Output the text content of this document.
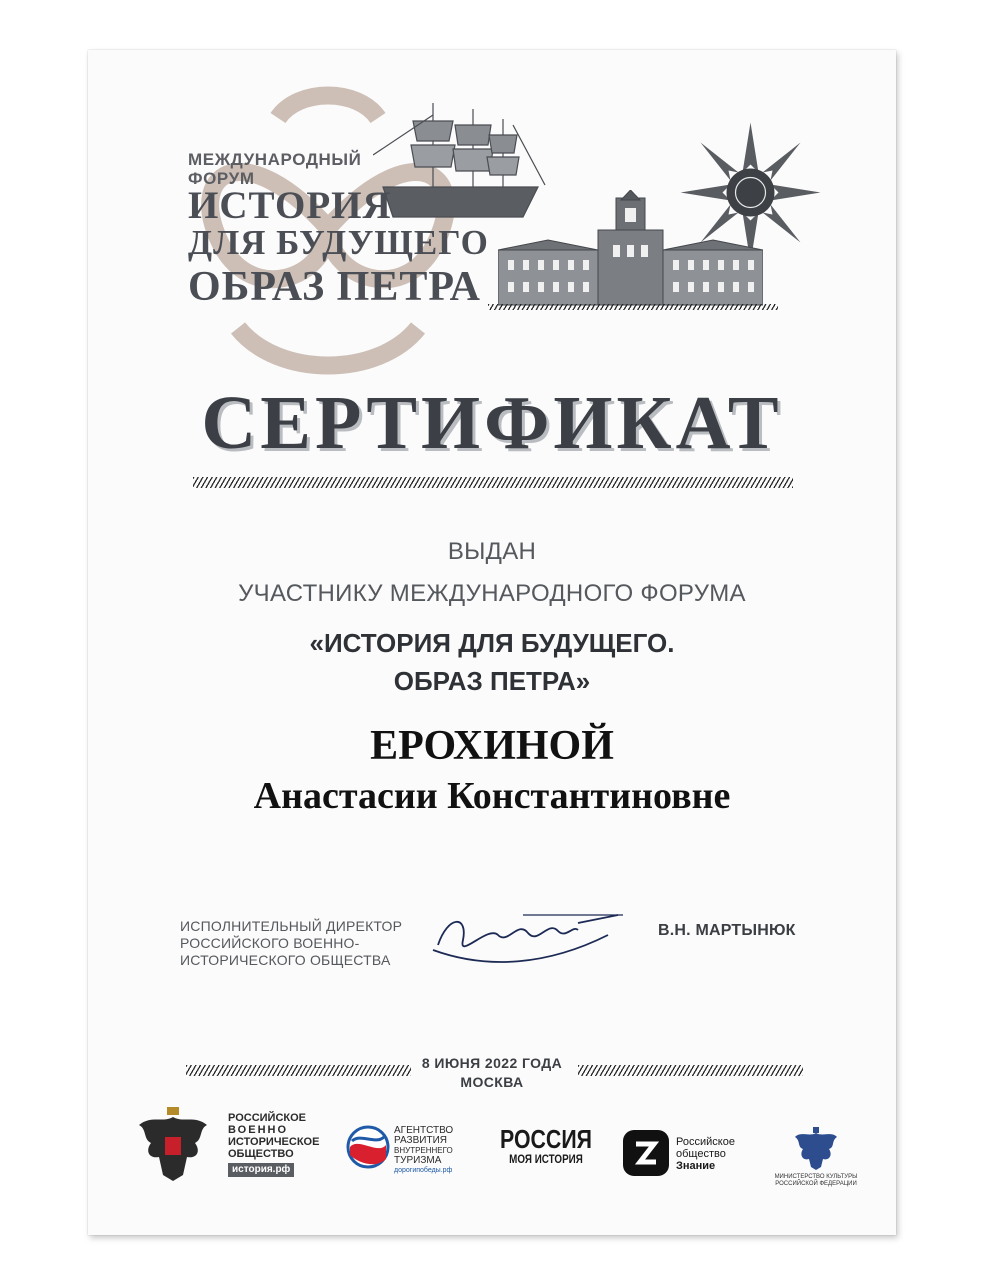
МЕЖДУНАРОДНЫЙ
ФОРУМ
ИСТОРИЯ
ДЛЯ БУДУЩЕГО
ОБРАЗ ПЕТРА
СЕРТИФИКАТ
ВЫДАН
УЧАСТНИКУ МЕЖДУНАРОДНОГО ФОРУМА
«ИСТОРИЯ ДЛЯ БУДУЩЕГО.
ОБРАЗ ПЕТРА»
ЕРОХИНОЙ
Анастасии Константиновне
ИСПОЛНИТЕЛЬНЫЙ ДИРЕКТОР
РОССИЙСКОГО ВОЕННО-
ИСТОРИЧЕСКОГО ОБЩЕСТВА
В.Н. МАРТЫНЮК
8 ИЮНЯ 2022 ГОДА
МОСКВА
РОССИЙСКОЕ
ВОЕННО
ИСТОРИЧЕСКОЕ
ОБЩЕСТВО
история.рф
АГЕНТСТВО
РАЗВИТИЯ
ВНУТРЕННЕГО
ТУРИЗМА
дорогипобеды.рф
РОССИЯ
МОЯ ИСТОРИЯ
Российское
общество
Знание
МИНИСТЕРСТВО КУЛЬТУРЫ
РОССИЙСКОЙ ФЕДЕРАЦИИ
